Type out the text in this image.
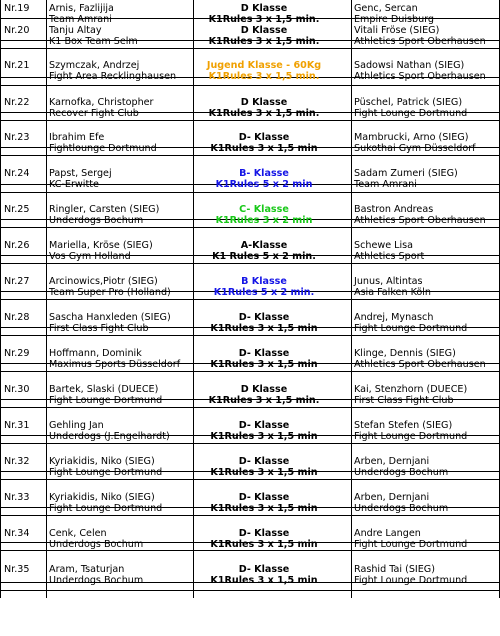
Nr.19 Arnis, Fazlijija
Team Amrani
D Klasse
K1Rules 3 x 1,5 min.
Genc, Sercan
Empire Duisburg
Nr.20 Tanju Altay
K1 Box Team Selm
D Klasse
K1Rules 3 x 1,5 min.
Vitali Fröse (SIEG)
Athletics Sport Oberhausen
Nr.21 Szymczak, Andrzej
Fight Area Recklinghausen
Jugend Klasse - 60Kg
K1Rules 3 x 1,5 min.
Sadowsi Nathan (SIEG)
Athletics Sport Oberhausen
Nr.22 Karnofka, Christopher
Recover Fight Club
D Klasse
K1Rules 3 x 1,5 min.
Püschel, Patrick (SIEG)
Fight Lounge Dortmund
Nr.23 Ibrahim Efe
Fightlounge Dortmund
D- Klasse
K1Rules 3 x 1,5 min
Mambrucki, Arno (SIEG)
Sukothai Gym Düsseldorf
Nr.24 Papst, Sergej
KC-Erwitte
B- Klasse
K1Rules 5 x 2 min
Sadam Zumeri (SIEG)
Team Amrani
Nr.25 Ringler, Carsten (SIEG)
Underdogs Bochum
C- Klasse
K1Rules 3 x 2 min
Bastron Andreas
Athletics Sport Oberhausen
Nr.26 Mariella, Kröse (SIEG)
Vos Gym Holland
A-Klasse
K1 Rules 5 x 2 min.
Schewe Lisa
Athletics Sport
Nr.27 Arcinowics,Piotr (SIEG)
Team Super Pro (Holland)
B Klasse
K1Rules 5 x 2 min.
Junus, Altintas
Asia Falken Köln
Nr.28 Sascha Hanxleden (SIEG)
First Class Fight Club
D- Klasse
K1Rules 3 x 1,5 min
Andrej, Mynasch
Fight Lounge Dortmund
Nr.29 Hoffmann, Dominik
Maximus Sports Düsseldorf
D- Klasse
K1Rules 3 x 1,5 min
Klinge, Dennis (SIEG)
Athletics Sport Oberhausen
Nr.30 Bartek, Slaski (DUECE)
Fight Lounge Dortmund
D Klasse
K1Rules 3 x 1,5 min.
Kai, Stenzhorn (DUECE)
First Class Fight Club
Nr.31 Gehling Jan
Underdogs (J.Engelhardt)
D- Klasse
K1Rules 3 x 1,5 min
Stefan Stefen (SIEG)
Fight Lounge Dortmund
Nr.32 Kyriakidis, Niko (SIEG)
Fight Lounge Dortmund
D- Klasse
K1Rules 3 x 1,5 min
Arben, Dernjani
Underdogs Bochum
Nr.33 Kyriakidis, Niko (SIEG)
Fight Lounge Dortmund
D- Klasse
K1Rules 3 x 1,5 min
Arben, Dernjani
Underdogs Bochum
Nr.34 Cenk, Celen
Underdogs Bochum
D- Klasse
K1Rules 3 x 1,5 min
Andre Langen
Fight Lounge Dortmund
Nr.35 Aram, Tsaturjan
Underdogs Bochum
D- Klasse
K1Rules 3 x 1,5 min
Rashid Tai (SIEG)
Fight Lounge Dortmund
